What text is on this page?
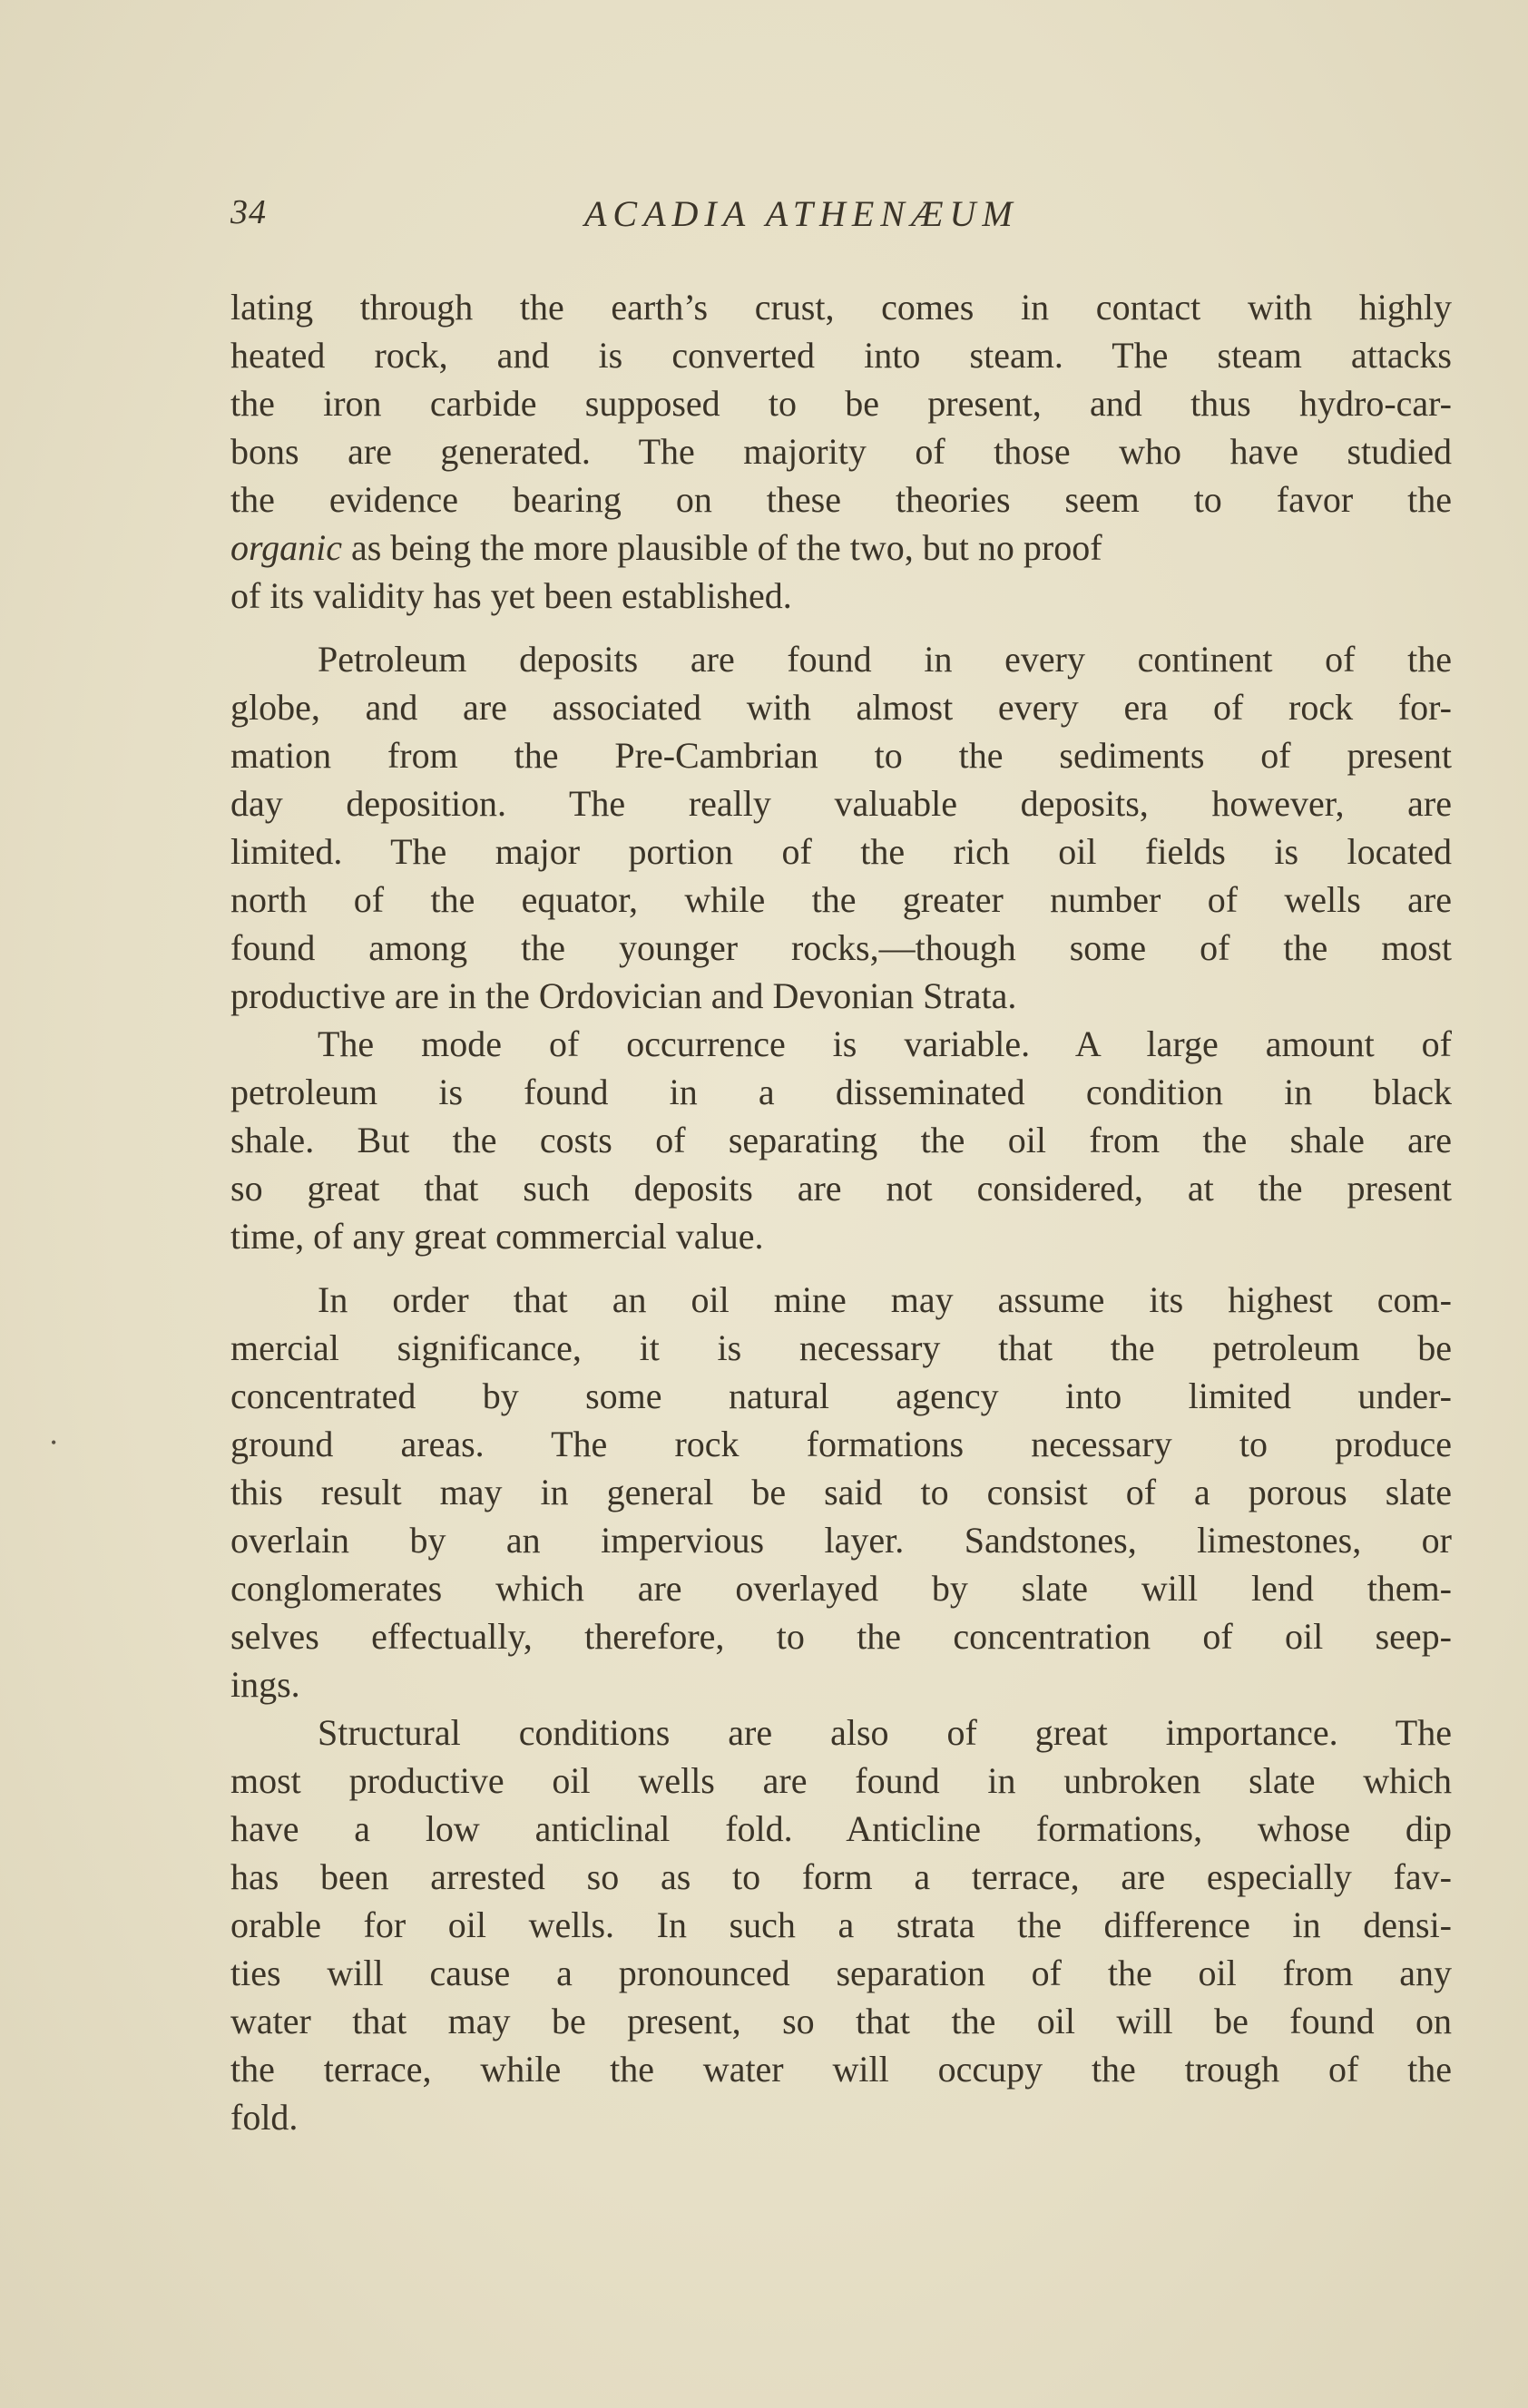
34	ACADIA ATHENÆUM
lating through the earth’s crust, comes in contact with highly
heated rock, and is converted into steam. The steam attacks
the iron carbide supposed to be present, and thus hydro-car-
bons are generated. The majority of those who have studied
the evidence bearing on these theories seem to favor the
organic as being the more plausible of the two, but no proof
of its validity has yet been established.
Petroleum deposits are found in every continent of the
globe, and are associated with almost every era of rock for-
mation from the Pre-Cambrian to the sediments of present
day deposition. The really valuable deposits, however, are
limited. The major portion of the rich oil fields is located
north of the equator, while the greater number of wells are
found among the younger rocks,—though some of the most
productive are in the Ordovician and Devonian Strata.
The mode of occurrence is variable. A large amount of
petroleum is found in a disseminated condition in black
shale. But the costs of separating the oil from the shale are
so great that such deposits are not considered, at the present
time, of any great commercial value.
In order that an oil mine may assume its highest com-
mercial significance, it is necessary that the petroleum be
concentrated by some natural agency into limited under-
ground areas. The rock formations necessary to produce
this result may in general be said to consist of a porous slate
overlain by an impervious layer. Sandstones, limestones, or
conglomerates which are overlayed by slate will lend them-
selves effectually, therefore, to the concentration of oil seep-
ings.
Structural conditions are also of great importance. The
most productive oil wells are found in unbroken slate which
have a low anticlinal fold. Anticline formations, whose dip
has been arrested so as to form a terrace, are especially fav-
orable for oil wells. In such a strata the difference in densi-
ties will cause a pronounced separation of the oil from any
water that may be present, so that the oil will be found on
the terrace, while the water will occupy the trough of the
fold.
•
